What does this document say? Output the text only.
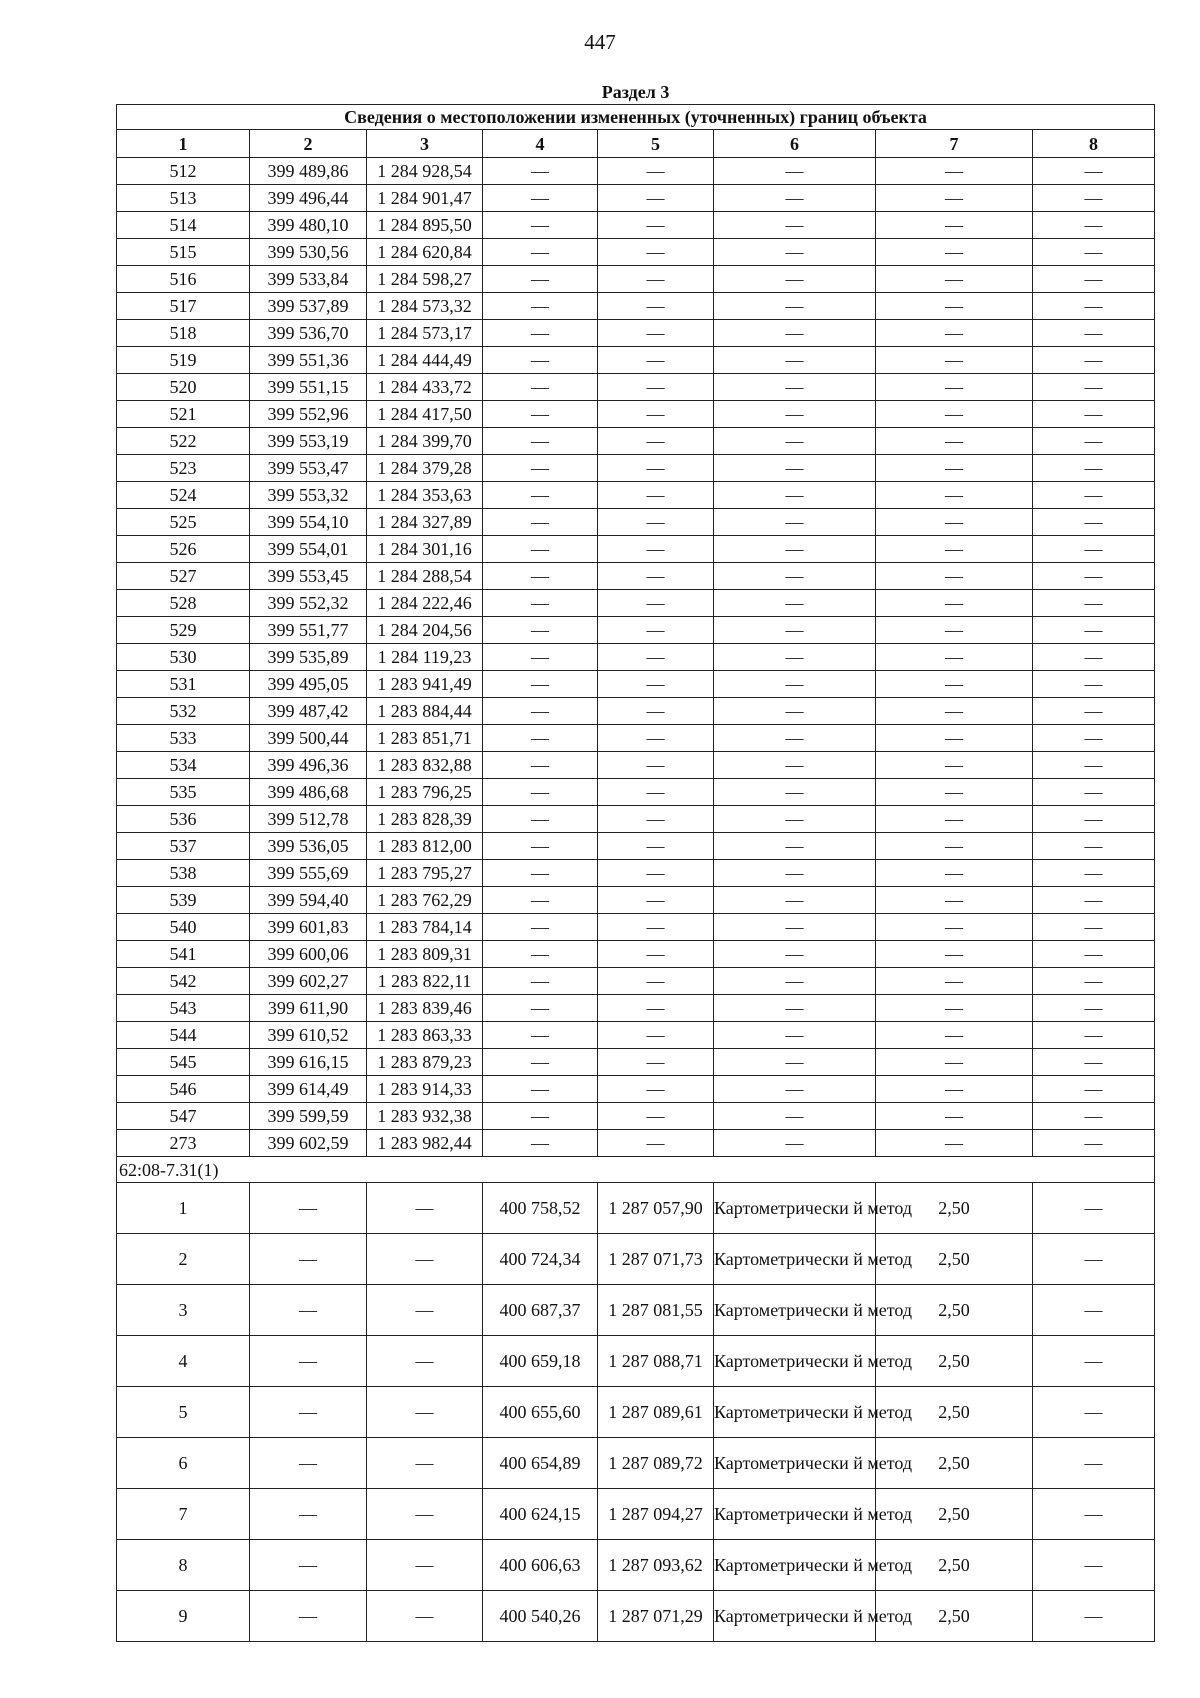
447
Раздел 3							
Сведения о местоположении измененных (уточненных) границ объекта							
1	2	3	4	5	6	7	8
512	399 489,86	1 284 928,54	—	—	—	—	—
513	399 496,44	1 284 901,47	—	—	—	—	—
514	399 480,10	1 284 895,50	—	—	—	—	—
515	399 530,56	1 284 620,84	—	—	—	—	—
516	399 533,84	1 284 598,27	—	—	—	—	—
517	399 537,89	1 284 573,32	—	—	—	—	—
518	399 536,70	1 284 573,17	—	—	—	—	—
519	399 551,36	1 284 444,49	—	—	—	—	—
520	399 551,15	1 284 433,72	—	—	—	—	—
521	399 552,96	1 284 417,50	—	—	—	—	—
522	399 553,19	1 284 399,70	—	—	—	—	—
523	399 553,47	1 284 379,28	—	—	—	—	—
524	399 553,32	1 284 353,63	—	—	—	—	—
525	399 554,10	1 284 327,89	—	—	—	—	—
526	399 554,01	1 284 301,16	—	—	—	—	—
527	399 553,45	1 284 288,54	—	—	—	—	—
528	399 552,32	1 284 222,46	—	—	—	—	—
529	399 551,77	1 284 204,56	—	—	—	—	—
530	399 535,89	1 284 119,23	—	—	—	—	—
531	399 495,05	1 283 941,49	—	—	—	—	—
532	399 487,42	1 283 884,44	—	—	—	—	—
533	399 500,44	1 283 851,71	—	—	—	—	—
534	399 496,36	1 283 832,88	—	—	—	—	—
535	399 486,68	1 283 796,25	—	—	—	—	—
536	399 512,78	1 283 828,39	—	—	—	—	—
537	399 536,05	1 283 812,00	—	—	—	—	—
538	399 555,69	1 283 795,27	—	—	—	—	—
539	399 594,40	1 283 762,29	—	—	—	—	—
540	399 601,83	1 283 784,14	—	—	—	—	—
541	399 600,06	1 283 809,31	—	—	—	—	—
542	399 602,27	1 283 822,11	—	—	—	—	—
543	399 611,90	1 283 839,46	—	—	—	—	—
544	399 610,52	1 283 863,33	—	—	—	—	—
545	399 616,15	1 283 879,23	—	—	—	—	—
546	399 614,49	1 283 914,33	—	—	—	—	—
547	399 599,59	1 283 932,38	—	—	—	—	—
273	399 602,59	1 283 982,44	—	—	—	—	—
62:08-7.31(1)							
1	—	—	400 758,52	1 287 057,90	Картометрически й метод	2,50	—
2	—	—	400 724,34	1 287 071,73	Картометрически й метод	2,50	—
3	—	—	400 687,37	1 287 081,55	Картометрически й метод	2,50	—
4	—	—	400 659,18	1 287 088,71	Картометрически й метод	2,50	—
5	—	—	400 655,60	1 287 089,61	Картометрически й метод	2,50	—
6	—	—	400 654,89	1 287 089,72	Картометрически й метод	2,50	—
7	—	—	400 624,15	1 287 094,27	Картометрически й метод	2,50	—
8	—	—	400 606,63	1 287 093,62	Картометрически й метод	2,50	—
9	—	—	400 540,26	1 287 071,29	Картометрически й метод	2,50	—
